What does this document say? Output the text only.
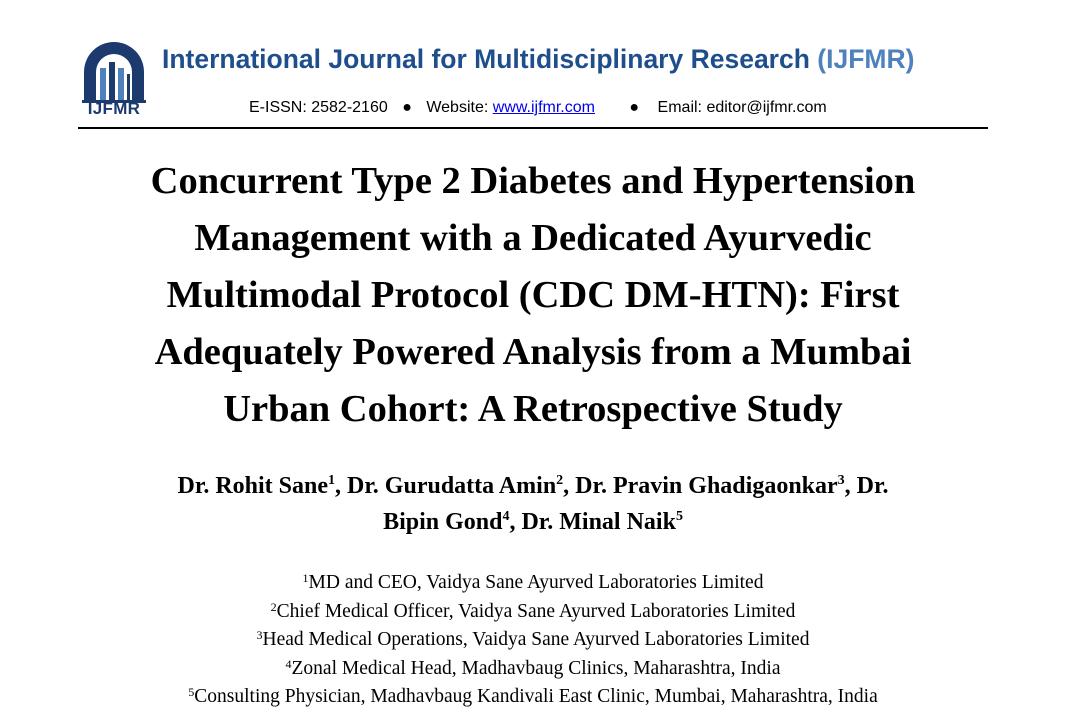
IJFMR
International Journal for Multidisciplinary Research (IJFMR)
E-ISSN: 2582-2160 ● Website: www.ijfmr.com ● Email: editor@ijfmr.com
Concurrent Type 2 Diabetes and Hypertension
Management with a Dedicated Ayurvedic
Multimodal Protocol (CDC DM-HTN): First
Adequately Powered Analysis from a Mumbai
Urban Cohort: A Retrospective Study
Dr. Rohit Sane$^1$, Dr. Gurudatta Amin$^2$, Dr. Pravin Ghadigaonkar$^3$, Dr.
Bipin Gond$^4$, Dr. Minal Naik$^5$
$^1$MD and CEO, Vaidya Sane Ayurved Laboratories Limited
$^2$Chief Medical Officer, Vaidya Sane Ayurved Laboratories Limited
$^3$Head Medical Operations, Vaidya Sane Ayurved Laboratories Limited
$^4$Zonal Medical Head, Madhavbaug Clinics, Maharashtra, India
$^5$Consulting Physician, Madhavbaug Kandivali East Clinic, Mumbai, Maharashtra, India
